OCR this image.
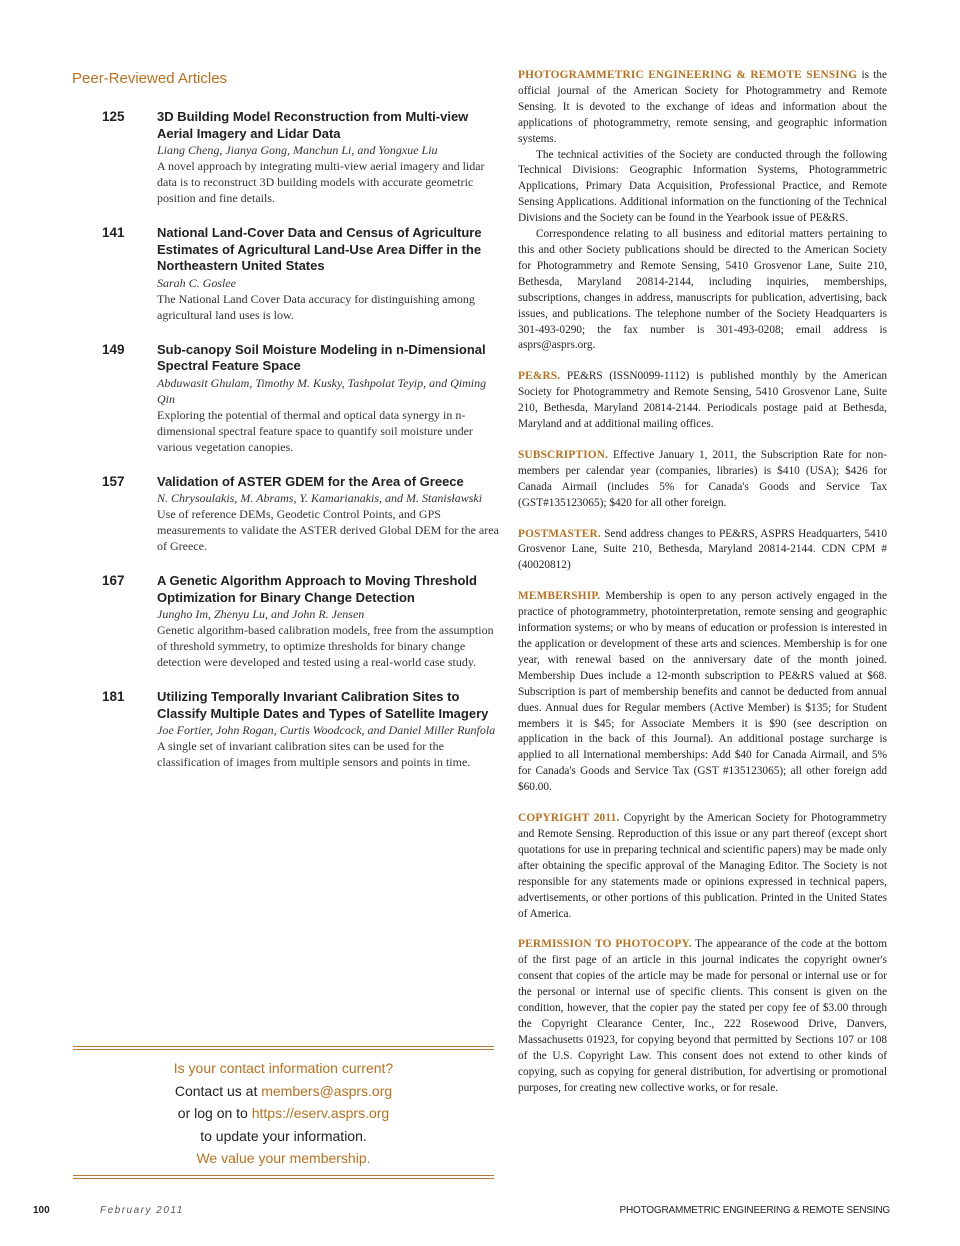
Peer-Reviewed Articles
125 3D Building Model Reconstruction from Multi-view Aerial Imagery and Lidar Data
Liang Cheng, Jianya Gong, Manchun Li, and Yongxue Liu
A novel approach by integrating multi-view aerial imagery and lidar data is to reconstruct 3D building models with accurate geometric position and fine details.
141 National Land-Cover Data and Census of Agriculture Estimates of Agricultural Land-Use Area Differ in the Northeastern United States
Sarah C. Goslee
The National Land Cover Data accuracy for distinguishing among agricultural land uses is low.
149 Sub-canopy Soil Moisture Modeling in n-Dimensional Spectral Feature Space
Abduwasit Ghulam, Timothy M. Kusky, Tashpolat Teyip, and Qiming Qin
Exploring the potential of thermal and optical data synergy in n-dimensional spectral feature space to quantify soil moisture under various vegetation canopies.
157 Validation of ASTER GDEM for the Area of Greece
N. Chrysoulakis, M. Abrams, Y. Kamarianakis, and M. Stanisławski
Use of reference DEMs, Geodetic Control Points, and GPS measurements to validate the ASTER derived Global DEM for the area of Greece.
167 A Genetic Algorithm Approach to Moving Threshold Optimization for Binary Change Detection
Jungho Im, Zhenyu Lu, and John R. Jensen
Genetic algorithm-based calibration models, free from the assumption of threshold symmetry, to optimize thresholds for binary change detection were developed and tested using a real-world case study.
181 Utilizing Temporally Invariant Calibration Sites to Classify Multiple Dates and Types of Satellite Imagery
Joe Fortier, John Rogan, Curtis Woodcock, and Daniel Miller Runfola
A single set of invariant calibration sites can be used for the classification of images from multiple sensors and points in time.
Is your contact information current?
Contact us at members@asprs.org
or log on to https://eserv.asprs.org
to update your information.
We value your membership.

PHOTOGRAMMETRIC ENGINEERING & REMOTE SENSING is the official journal of the American Society for Photogrammetry and Remote Sensing. It is devoted to the exchange of ideas and information about the applications of photogrammetry, remote sensing, and geographic information systems.

The technical activities of the Society are conducted through the following Technical Divisions: Geographic Information Systems, Photogrammetric Applications, Primary Data Acquisition, Professional Practice, and Remote Sensing Applications. Additional information on the functioning of the Technical Divisions and the Society can be found in the Yearbook issue of PE&RS.

Correspondence relating to all business and editorial matters pertaining to this and other Society publications should be directed to the American Society for Photogrammetry and Remote Sensing, 5410 Grosvenor Lane, Suite 210, Bethesda, Maryland 20814-2144, including inquiries, memberships, subscriptions, changes in address, manuscripts for publication, advertising, back issues, and publications. The telephone number of the Society Headquarters is 301-493-0290; the fax number is 301-493-0208; email address is asprs@asprs.org.

PE&RS. PE&RS (ISSN0099-1112) is published monthly by the American Society for Photogrammetry and Remote Sensing, 5410 Grosvenor Lane, Suite 210, Bethesda, Maryland 20814-2144. Periodicals postage paid at Bethesda, Maryland and at additional mailing offices.

SUBSCRIPTION. Effective January 1, 2011, the Subscription Rate for non-members per calendar year (companies, libraries) is $410 (USA); $426 for Canada Airmail (includes 5% for Canada's Goods and Service Tax (GST#135123065); $420 for all other foreign.

POSTMASTER. Send address changes to PE&RS, ASPRS Headquarters, 5410 Grosvenor Lane, Suite 210, Bethesda, Maryland 20814-2144. CDN CPM #(40020812)

MEMBERSHIP. Membership is open to any person actively engaged in the practice of photogrammetry, photointerpretation, remote sensing and geographic information systems; or who by means of education or profession is interested in the application or development of these arts and sciences. Membership is for one year, with renewal based on the anniversary date of the month joined. Membership Dues include a 12-month subscription to PE&RS valued at $68. Subscription is part of membership benefits and cannot be deducted from annual dues. Annual dues for Regular members (Active Member) is $135; for Student members it is $45; for Associate Members it is $90 (see description on application in the back of this Journal). An additional postage surcharge is applied to all International memberships: Add $40 for Canada Airmail, and 5% for Canada's Goods and Service Tax (GST #135123065); all other foreign add $60.00.

COPYRIGHT 2011. Copyright by the American Society for Photogrammetry and Remote Sensing. Reproduction of this issue or any part thereof (except short quotations for use in preparing technical and scientific papers) may be made only after obtaining the specific approval of the Managing Editor. The Society is not responsible for any statements made or opinions expressed in technical papers, advertisements, or other portions of this publication. Printed in the United States of America.

PERMISSION TO PHOTOCOPY. The appearance of the code at the bottom of the first page of an article in this journal indicates the copyright owner's consent that copies of the article may be made for personal or internal use or for the personal or internal use of specific clients. This consent is given on the condition, however, that the copier pay the stated per copy fee of $3.00 through the Copyright Clearance Center, Inc., 222 Rosewood Drive, Danvers, Massachusetts 01923, for copying beyond that permitted by Sections 107 or 108 of the U.S. Copyright Law. This consent does not extend to other kinds of copying, such as copying for general distribution, for advertising or promotional purposes, for creating new collective works, or for resale.

100	February 2011	PHOTOGRAMMETRIC ENGINEERING & REMOTE SENSING
